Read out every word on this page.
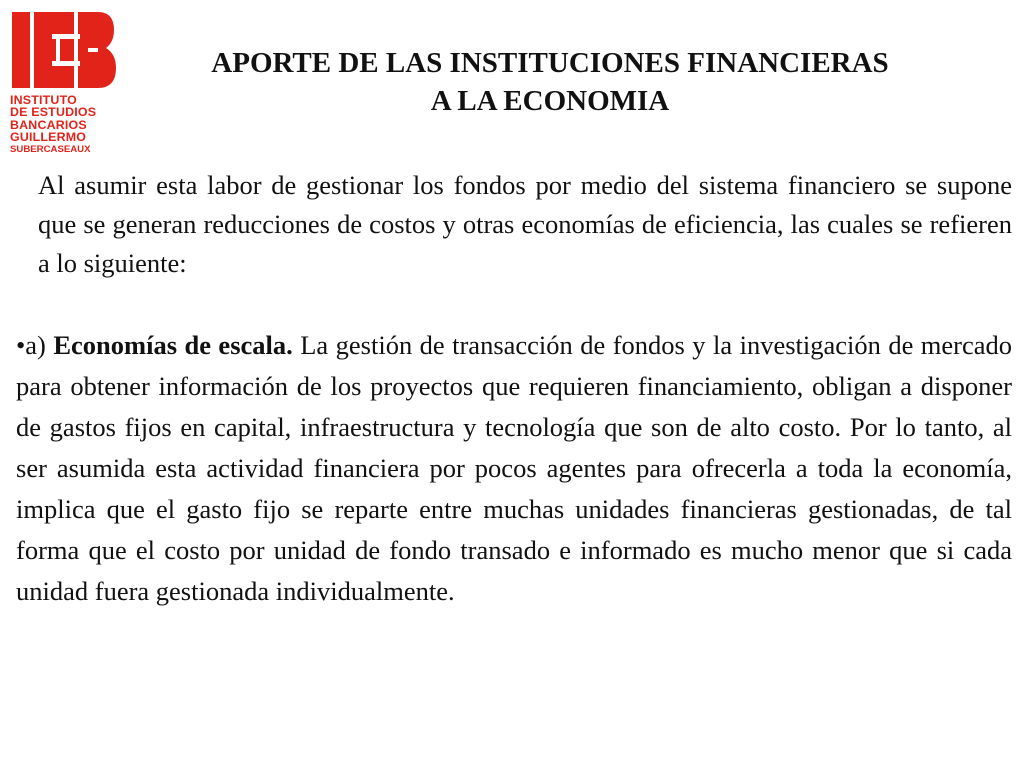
INSTITUTO
DE ESTUDIOS
BANCARIOS
GUILLERMO
SUBERCASEAUX
APORTE DE LAS INSTITUCIONES FINANCIERAS
A LA ECONOMIA

Al asumir esta labor de gestionar los fondos por medio del sistema financiero se supone que se generan reducciones de costos y otras economías de eficiencia, las cuales se refieren a lo siguiente:

•a) Economías de escala. La gestión de transacción de fondos y la investigación de mercado para obtener información de los proyectos que requieren financiamiento, obligan a disponer de gastos fijos en capital, infraestructura y tecnología que son de alto costo. Por lo tanto, al ser asumida esta actividad financiera por pocos agentes para ofrecerla a toda la economía, implica que el gasto fijo se reparte entre muchas unidades financieras gestionadas, de tal forma que el costo por unidad de fondo transado e informado es mucho menor que si cada unidad fuera gestionada individualmente.
